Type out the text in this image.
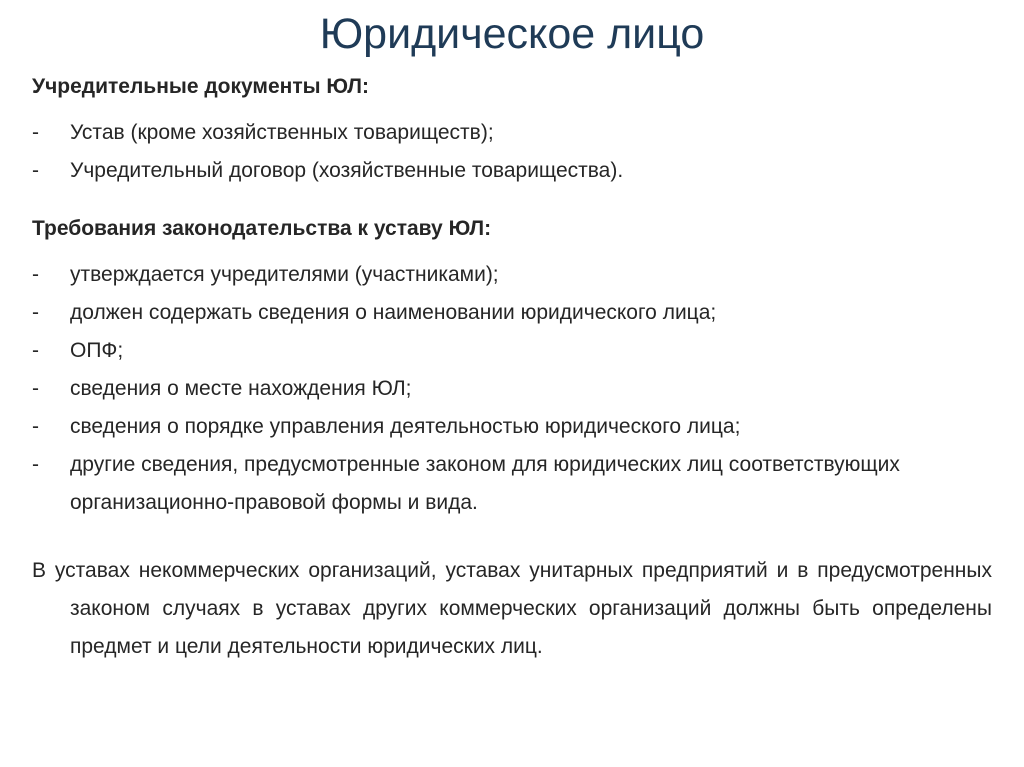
Юридическое лицо
Учредительные документы ЮЛ:
- Устав (кроме хозяйственных товариществ);
- Учредительный договор (хозяйственные товарищества).
Требования законодательства к уставу ЮЛ:
- утверждается учредителями (участниками);
- должен содержать сведения о наименовании юридического лица;
- ОПФ;
- сведения о месте нахождения ЮЛ;
- сведения о порядке управления деятельностью юридического лица;
- другие сведения, предусмотренные законом для юридических лиц соответствующих организационно-правовой формы и вида.
В уставах некоммерческих организаций, уставах унитарных предприятий и в предусмотренных законом случаях в уставах других коммерческих организаций должны быть определены предмет и цели деятельности юридических лиц.
